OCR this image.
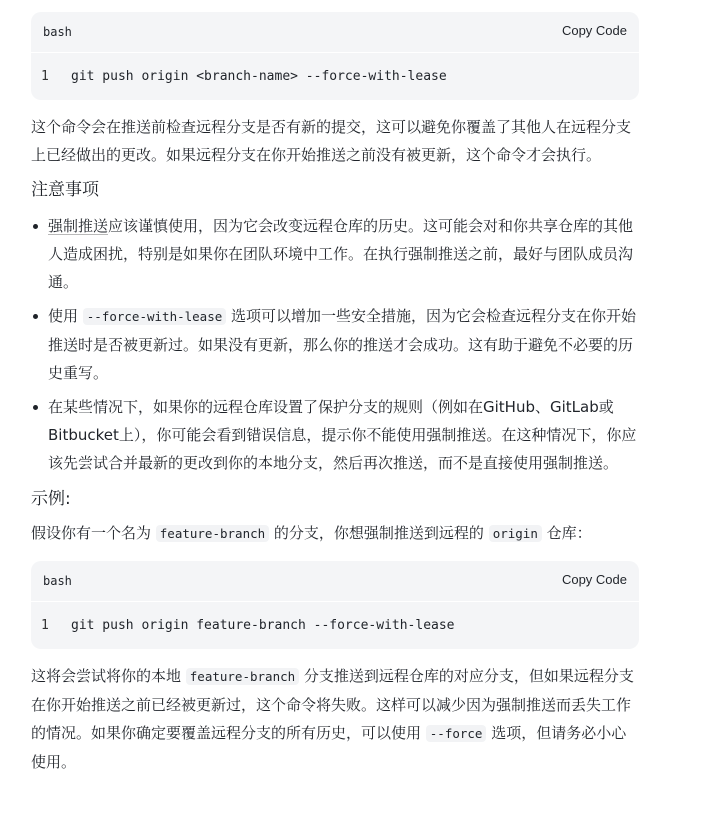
bash	Copy Code
1 git push origin <branch-name> --force-with-lease

这个命令会在推送前检查远程分支是否有新的提交，这可以避免你覆盖了其他人在远程分支上已经做出的更改。如果远程分支在你开始推送之前没有被更新，这个命令才会执行。

注意事项
强制推送应该谨慎使用，因为它会改变远程仓库的历史。这可能会对和你共享仓库的其他人造成困扰，特别是如果你在团队环境中工作。在执行强制推送之前，最好与团队成员沟通。
使用 --force-with-lease 选项可以增加一些安全措施，因为它会检查远程分支在你开始推送时是否被更新过。如果没有更新，那么你的推送才会成功。这有助于避免不必要的历史重写。
在某些情况下，如果你的远程仓库设置了保护分支的规则（例如在GitHub、GitLab或Bitbucket上），你可能会看到错误信息，提示你不能使用强制推送。在这种情况下，你应该先尝试合并最新的更改到你的本地分支，然后再次推送，而不是直接使用强制推送。
示例:

假设你有一个名为 feature-branch 的分支，你想强制推送到远程的 origin 仓库：

bash	Copy Code
1 git push origin feature-branch --force-with-lease

这将会尝试将你的本地 feature-branch 分支推送到远程仓库的对应分支，但如果远程分支在你开始推送之前已经被更新过，这个命令将失败。这样可以减少因为强制推送而丢失工作的情况。如果你确定要覆盖远程分支的所有历史，可以使用 --force 选项，但请务必小心使用。
